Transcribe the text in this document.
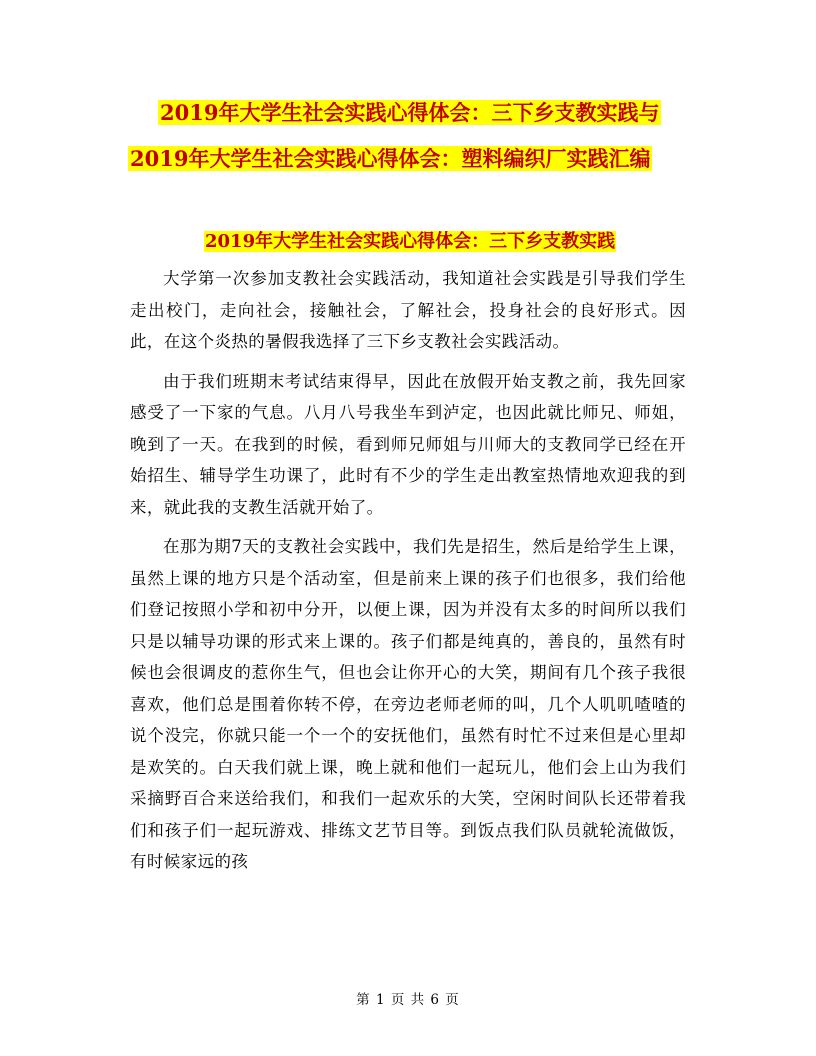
2019年大学生社会实践心得体会：三下乡支教实践与
2019年大学生社会实践心得体会：塑料编织厂实践汇编
2019年大学生社会实践心得体会：三下乡支教实践

大学第一次参加支教社会实践活动，我知道社会实践是引导我们学生走出校门，走向社会，接触社会，了解社会，投身社会的良好形式。因此，在这个炎热的暑假我选择了三下乡支教社会实践活动。

由于我们班期末考试结束得早，因此在放假开始支教之前，我先回家感受了一下家的气息。八月八号我坐车到泸定，也因此就比师兄、师姐，晚到了一天。在我到的时候，看到师兄师姐与川师大的支教同学已经在开始招生、辅导学生功课了，此时有不少的学生走出教室热情地欢迎我的到来，就此我的支教生活就开始了。

在那为期7天的支教社会实践中，我们先是招生，然后是给学生上课，虽然上课的地方只是个活动室，但是前来上课的孩子们也很多，我们给他们登记按照小学和初中分开，以便上课，因为并没有太多的时间所以我们只是以辅导功课的形式来上课的。孩子们都是纯真的，善良的，虽然有时候也会很调皮的惹你生气，但也会让你开心的大笑，期间有几个孩子我很喜欢，他们总是围着你转不停，在旁边老师老师的叫，几个人叽叽喳喳的说个没完，你就只能一个一个的安抚他们，虽然有时忙不过来但是心里却是欢笑的。白天我们就上课，晚上就和他们一起玩儿，他们会上山为我们采摘野百合来送给我们，和我们一起欢乐的大笑，空闲时间队长还带着我们和孩子们一起玩游戏、排练文艺节目等。到饭点我们队员就轮流做饭，有时候家远的孩

第 1 页 共 6 页
